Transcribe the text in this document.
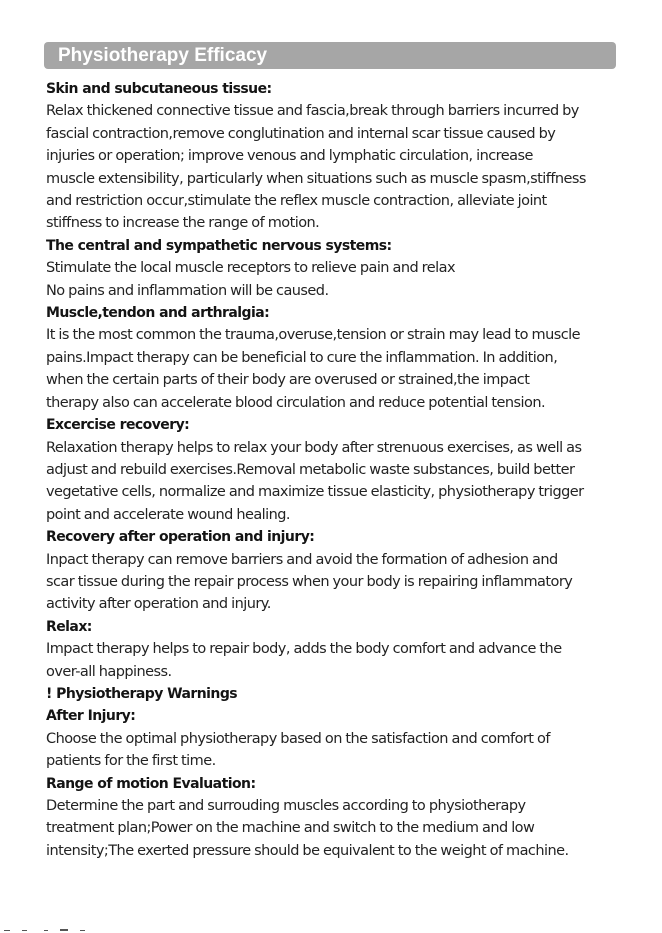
Physiotherapy Efficacy

Skin and subcutaneous tissue:

Relax thickened connective tissue and fascia,break through barriers incurred by

fascial contraction,remove conglutination and internal scar tissue caused by

injuries or operation; improve venous and lymphatic circulation, increase

muscle extensibility, particularly when situations such as muscle spasm,stiffness

and restriction occur,stimulate the reflex muscle contraction, alleviate joint

stiffness to increase the range of motion.

The central and sympathetic nervous systems:

Stimulate the local muscle receptors to relieve pain and relax

No pains and inflammation will be caused.

Muscle,tendon and arthralgia:

It is the most common the trauma,overuse,tension or strain may lead to muscle

pains.Impact therapy can be beneficial to cure the inflammation. In addition,

when the certain parts of their body are overused or strained,the impact

therapy also can accelerate blood circulation and reduce potential tension.

Excercise recovery:

Relaxation therapy helps to relax your body after strenuous exercises, as well as

adjust and rebuild exercises.Removal metabolic waste substances, build better

vegetative cells, normalize and maximize tissue elasticity, physiotherapy trigger

point and accelerate wound healing.

Recovery after operation and injury:

Inpact therapy can remove barriers and avoid the formation of adhesion and

scar tissue during the repair process when your body is repairing inflammatory

activity after operation and injury.

Relax:

Impact therapy helps to repair body, adds the body comfort and advance the

over-all happiness.

! Physiotherapy Warnings

After Injury:

Choose the optimal physiotherapy based on the satisfaction and comfort of

patients for the first time.

Range of motion Evaluation:

Determine the part and surrouding muscles according to physiotherapy

treatment plan;Power on the machine and switch to the medium and low

intensity;The exerted pressure should be equivalent to the weight of machine.
